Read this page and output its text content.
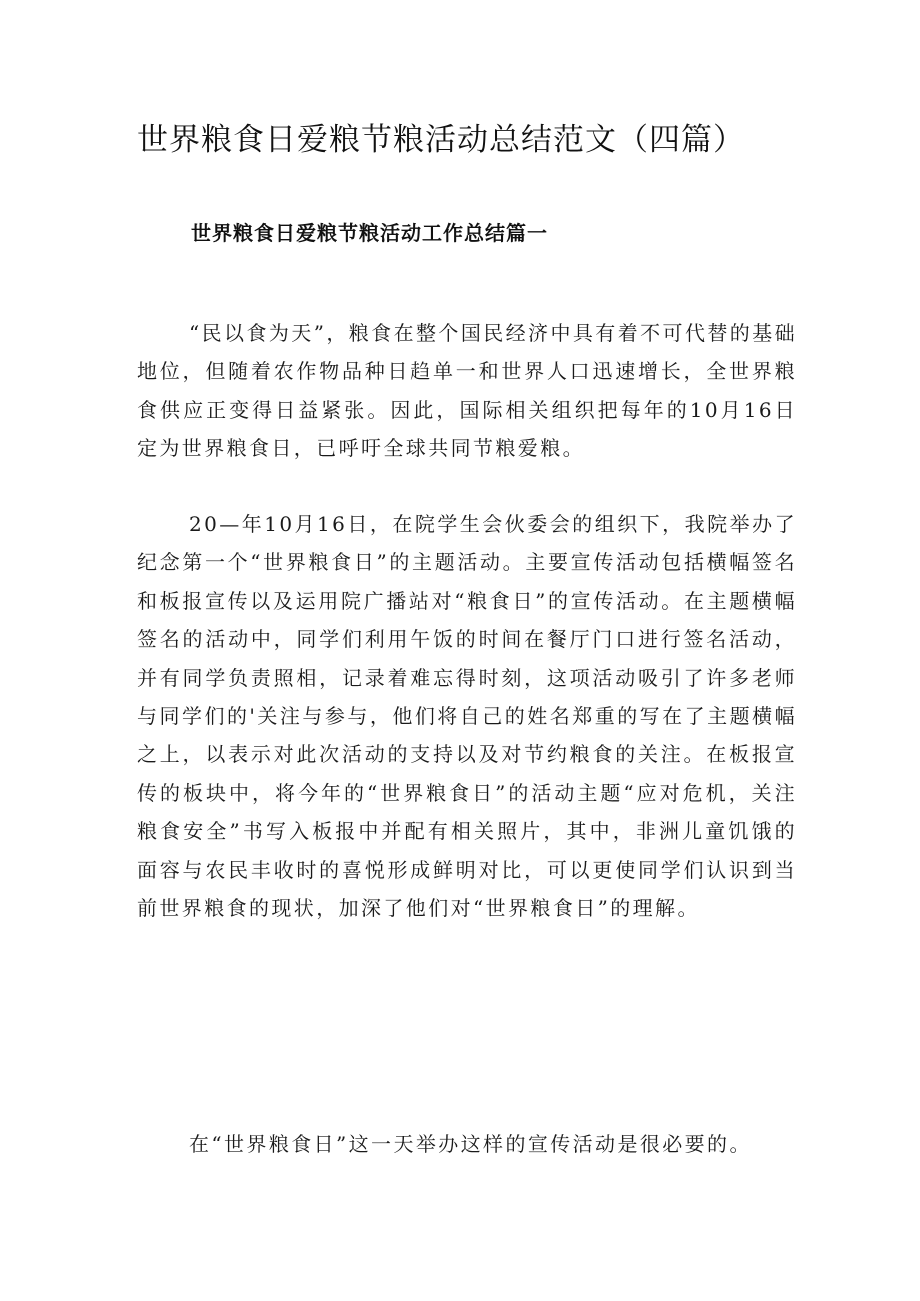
世界粮食日爱粮节粮活动总结范文（四篇）
世界粮食日爱粮节粮活动工作总结篇一

“民以食为天”，粮食在整个国民经济中具有着不可代替的基础地位，但随着农作物品种日趋单一和世界人口迅速增长，全世界粮食供应正变得日益紧张。因此，国际相关组织把每年的10月16日定为世界粮食日，已呼吁全球共同节粮爱粮。

20—年10月16日，在院学生会伙委会的组织下，我院举办了纪念第一个“世界粮食日”的主题活动。主要宣传活动包括横幅签名和板报宣传以及运用院广播站对“粮食日”的宣传活动。在主题横幅签名的活动中，同学们利用午饭的时间在餐厅门口进行签名活动，并有同学负责照相，记录着难忘得时刻，这项活动吸引了许多老师与同学们的'关注与参与，他们将自己的姓名郑重的写在了主题横幅之上，以表示对此次活动的支持以及对节约粮食的关注。在板报宣传的板块中，将今年的“世界粮食日”的活动主题“应对危机，关注粮食安全”书写入板报中并配有相关照片，其中，非洲儿童饥饿的面容与农民丰收时的喜悦形成鲜明对比，可以更使同学们认识到当前世界粮食的现状，加深了他们对“世界粮食日”的理解。

在“世界粮食日”这一天举办这样的宣传活动是很必要的。
